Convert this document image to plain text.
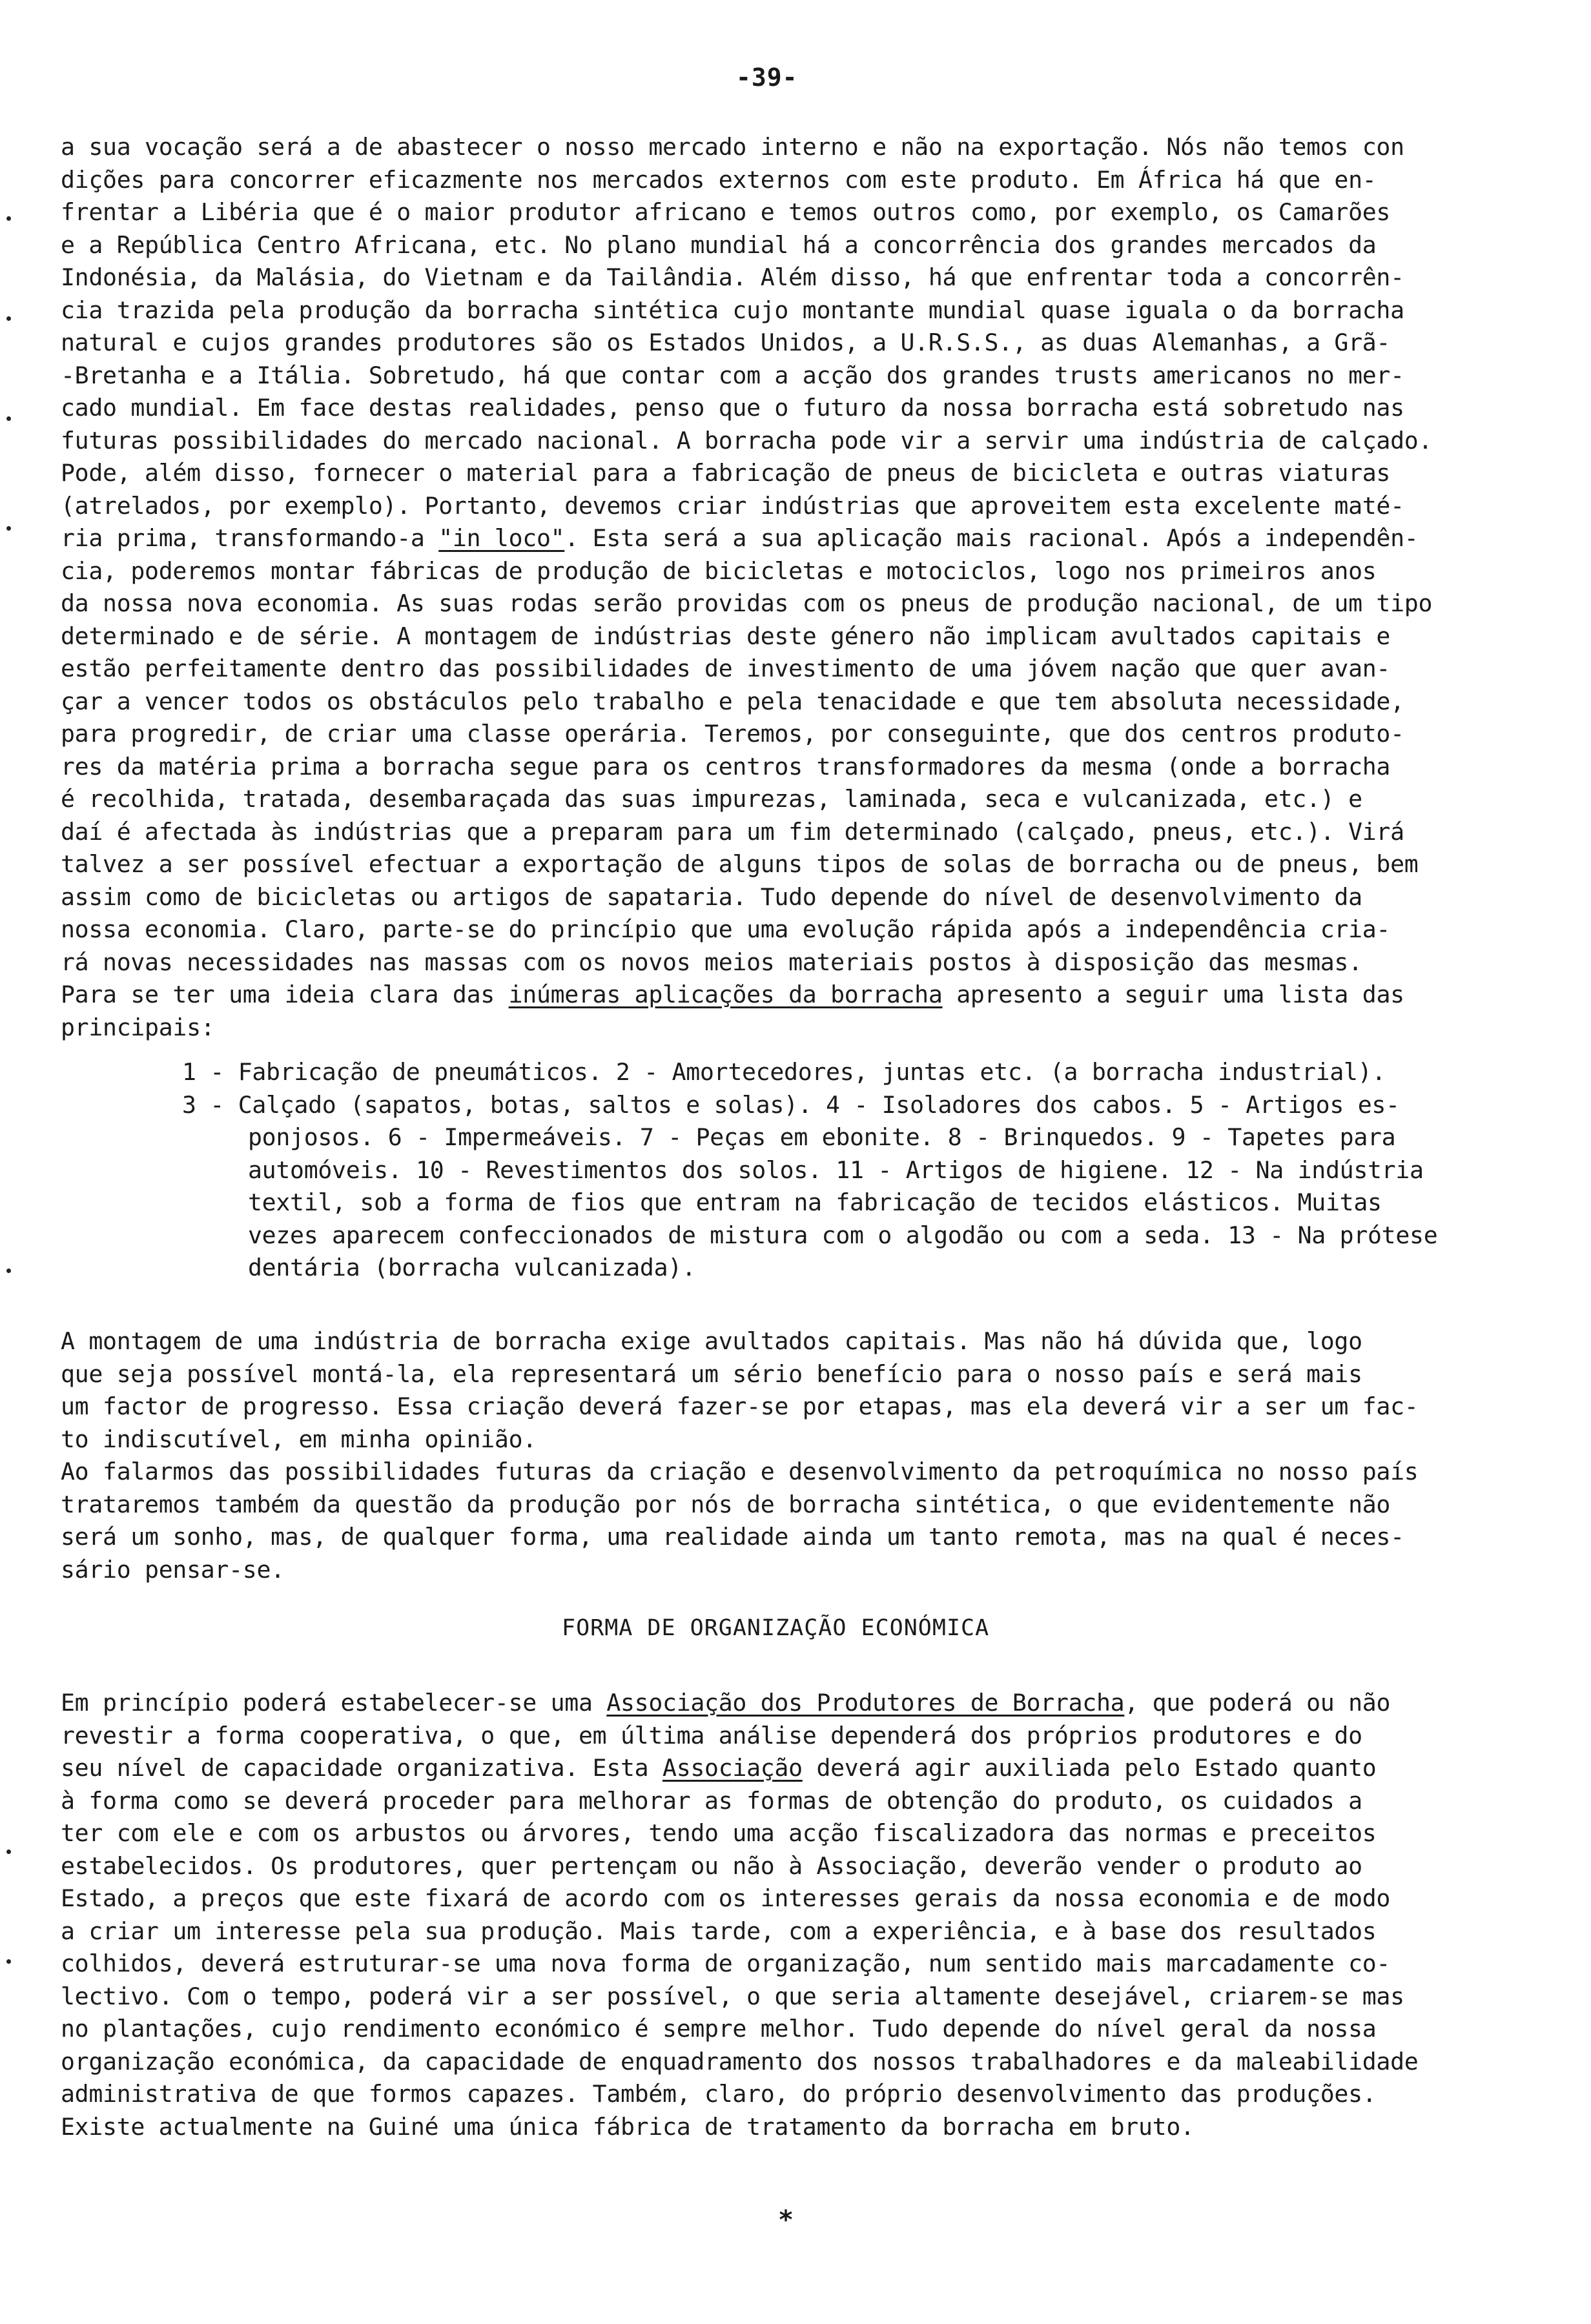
-39-
a sua vocação será a de abastecer o nosso mercado interno e não na exportação. Nós não temos con
dições para concorrer eficazmente nos mercados externos com este produto. Em África há que en-
frentar a Libéria que é o maior produtor africano e temos outros como, por exemplo, os Camarões
e a República Centro Africana, etc. No plano mundial há a concorrência dos grandes mercados da
Indonésia, da Malásia, do Vietnam e da Tailândia. Além disso, há que enfrentar toda a concorrên-
cia trazida pela produção da borracha sintética cujo montante mundial quase iguala o da borracha
natural e cujos grandes produtores são os Estados Unidos, a U.R.S.S., as duas Alemanhas, a Grã-
-Bretanha e a Itália. Sobretudo, há que contar com a acção dos grandes trusts americanos no mer-
cado mundial. Em face destas realidades, penso que o futuro da nossa borracha está sobretudo nas
futuras possibilidades do mercado nacional. A borracha pode vir a servir uma indústria de calçado.
Pode, além disso, fornecer o material para a fabricação de pneus de bicicleta e outras viaturas
(atrelados, por exemplo). Portanto, devemos criar indústrias que aproveitem esta excelente maté-
ria prima, transformando-a "in loco". Esta será a sua aplicação mais racional. Após a independên-
cia, poderemos montar fábricas de produção de bicicletas e motociclos, logo nos primeiros anos
da nossa nova economia. As suas rodas serão providas com os pneus de produção nacional, de um tipo
determinado e de série. A montagem de indústrias deste género não implicam avultados capitais e
estão perfeitamente dentro das possibilidades de investimento de uma jóvem nação que quer avan-
çar a vencer todos os obstáculos pelo trabalho e pela tenacidade e que tem absoluta necessidade,
para progredir, de criar uma classe operária. Teremos, por conseguinte, que dos centros produto-
res da matéria prima a borracha segue para os centros transformadores da mesma (onde a borracha
é recolhida, tratada, desembaraçada das suas impurezas, laminada, seca e vulcanizada, etc.) e
daí é afectada às indústrias que a preparam para um fim determinado (calçado, pneus, etc.). Virá
talvez a ser possível efectuar a exportação de alguns tipos de solas de borracha ou de pneus, bem
assim como de bicicletas ou artigos de sapataria. Tudo depende do nível de desenvolvimento da
nossa economia. Claro, parte-se do princípio que uma evolução rápida após a independência cria-
rá novas necessidades nas massas com os novos meios materiais postos à disposição das mesmas.
Para se ter uma ideia clara das inúmeras aplicações da borracha apresento a seguir uma lista das
principais:
1 - Fabricação de pneumáticos. 2 - Amortecedores, juntas etc. (a borracha industrial).
3 - Calçado (sapatos, botas, saltos e solas). 4 - Isoladores dos cabos. 5 - Artigos es-
ponjosos. 6 - Impermeáveis. 7 - Peças em ebonite. 8 - Brinquedos. 9 - Tapetes para
automóveis. 10 - Revestimentos dos solos. 11 - Artigos de higiene. 12 - Na indústria
textil, sob a forma de fios que entram na fabricação de tecidos elásticos. Muitas
vezes aparecem confeccionados de mistura com o algodão ou com a seda. 13 - Na prótese
dentária (borracha vulcanizada).
A montagem de uma indústria de borracha exige avultados capitais. Mas não há dúvida que, logo
que seja possível montá-la, ela representará um sério benefício para o nosso país e será mais
um factor de progresso. Essa criação deverá fazer-se por etapas, mas ela deverá vir a ser um fac-
to indiscutível, em minha opinião.
Ao falarmos das possibilidades futuras da criação e desenvolvimento da petroquímica no nosso país
trataremos também da questão da produção por nós de borracha sintética, o que evidentemente não
será um sonho, mas, de qualquer forma, uma realidade ainda um tanto remota, mas na qual é neces-
sário pensar-se.
FORMA DE ORGANIZAÇÃO ECONÓMICA
Em princípio poderá estabelecer-se uma Associação dos Produtores de Borracha, que poderá ou não
revestir a forma cooperativa, o que, em última análise dependerá dos próprios produtores e do
seu nível de capacidade organizativa. Esta Associação deverá agir auxiliada pelo Estado quanto
à forma como se deverá proceder para melhorar as formas de obtenção do produto, os cuidados a
ter com ele e com os arbustos ou árvores, tendo uma acção fiscalizadora das normas e preceitos
estabelecidos. Os produtores, quer pertençam ou não à Associação, deverão vender o produto ao
Estado, a preços que este fixará de acordo com os interesses gerais da nossa economia e de modo
a criar um interesse pela sua produção. Mais tarde, com a experiência, e à base dos resultados
colhidos, deverá estruturar-se uma nova forma de organização, num sentido mais marcadamente co-
lectivo. Com o tempo, poderá vir a ser possível, o que seria altamente desejável, criarem-se mas
no plantações, cujo rendimento económico é sempre melhor. Tudo depende do nível geral da nossa
organização económica, da capacidade de enquadramento dos nossos trabalhadores e da maleabilidade
administrativa de que formos capazes. Também, claro, do próprio desenvolvimento das produções.
Existe actualmente na Guiné uma única fábrica de tratamento da borracha em bruto.
*
